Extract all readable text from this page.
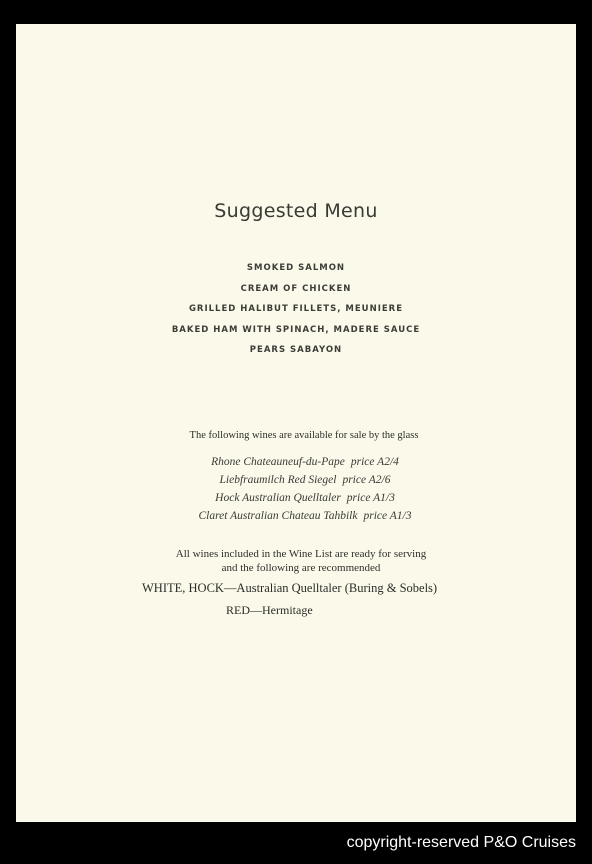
Suggested Menu
SMOKED SALMON
CREAM OF CHICKEN
GRILLED HALIBUT FILLETS, MEUNIERE
BAKED HAM WITH SPINACH, MADERE SAUCE
PEARS SABAYON
The following wines are available for sale by the glass
Rhone Chateauneuf-du-Pape price A2/4
Liebfraumilch Red Siegel price A2/6
Hock Australian Quelltaler price A1/3
Claret Australian Chateau Tahbilk price A1/3
All wines included in the Wine List are ready for serving
and the following are recommended
WHITE, HOCK—Australian Quelltaler (Buring & Sobels)
RED—Hermitage
copyright-reserved P&O Cruises
